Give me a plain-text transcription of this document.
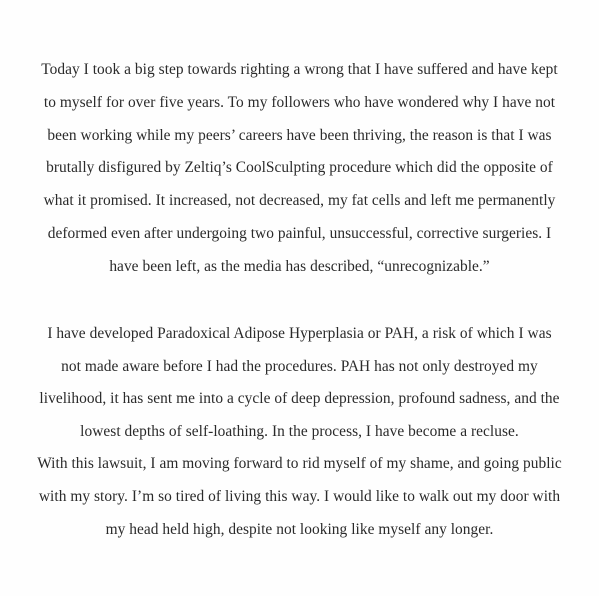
Today I took a big step towards righting a wrong that I have suffered and have kept
to myself for over five years. To my followers who have wondered why I have not
been working while my peers’ careers have been thriving, the reason is that I was
brutally disfigured by Zeltiq’s CoolSculpting procedure which did the opposite of
what it promised. It increased, not decreased, my fat cells and left me permanently
deformed even after undergoing two painful, unsuccessful, corrective surgeries. I
have been left, as the media has described, “unrecognizable.”
I have developed Paradoxical Adipose Hyperplasia or PAH, a risk of which I was
not made aware before I had the procedures. PAH has not only destroyed my
livelihood, it has sent me into a cycle of deep depression, profound sadness, and the
lowest depths of self-loathing. In the process, I have become a recluse.
With this lawsuit, I am moving forward to rid myself of my shame, and going public
with my story. I’m so tired of living this way. I would like to walk out my door with
my head held high, despite not looking like myself any longer.
